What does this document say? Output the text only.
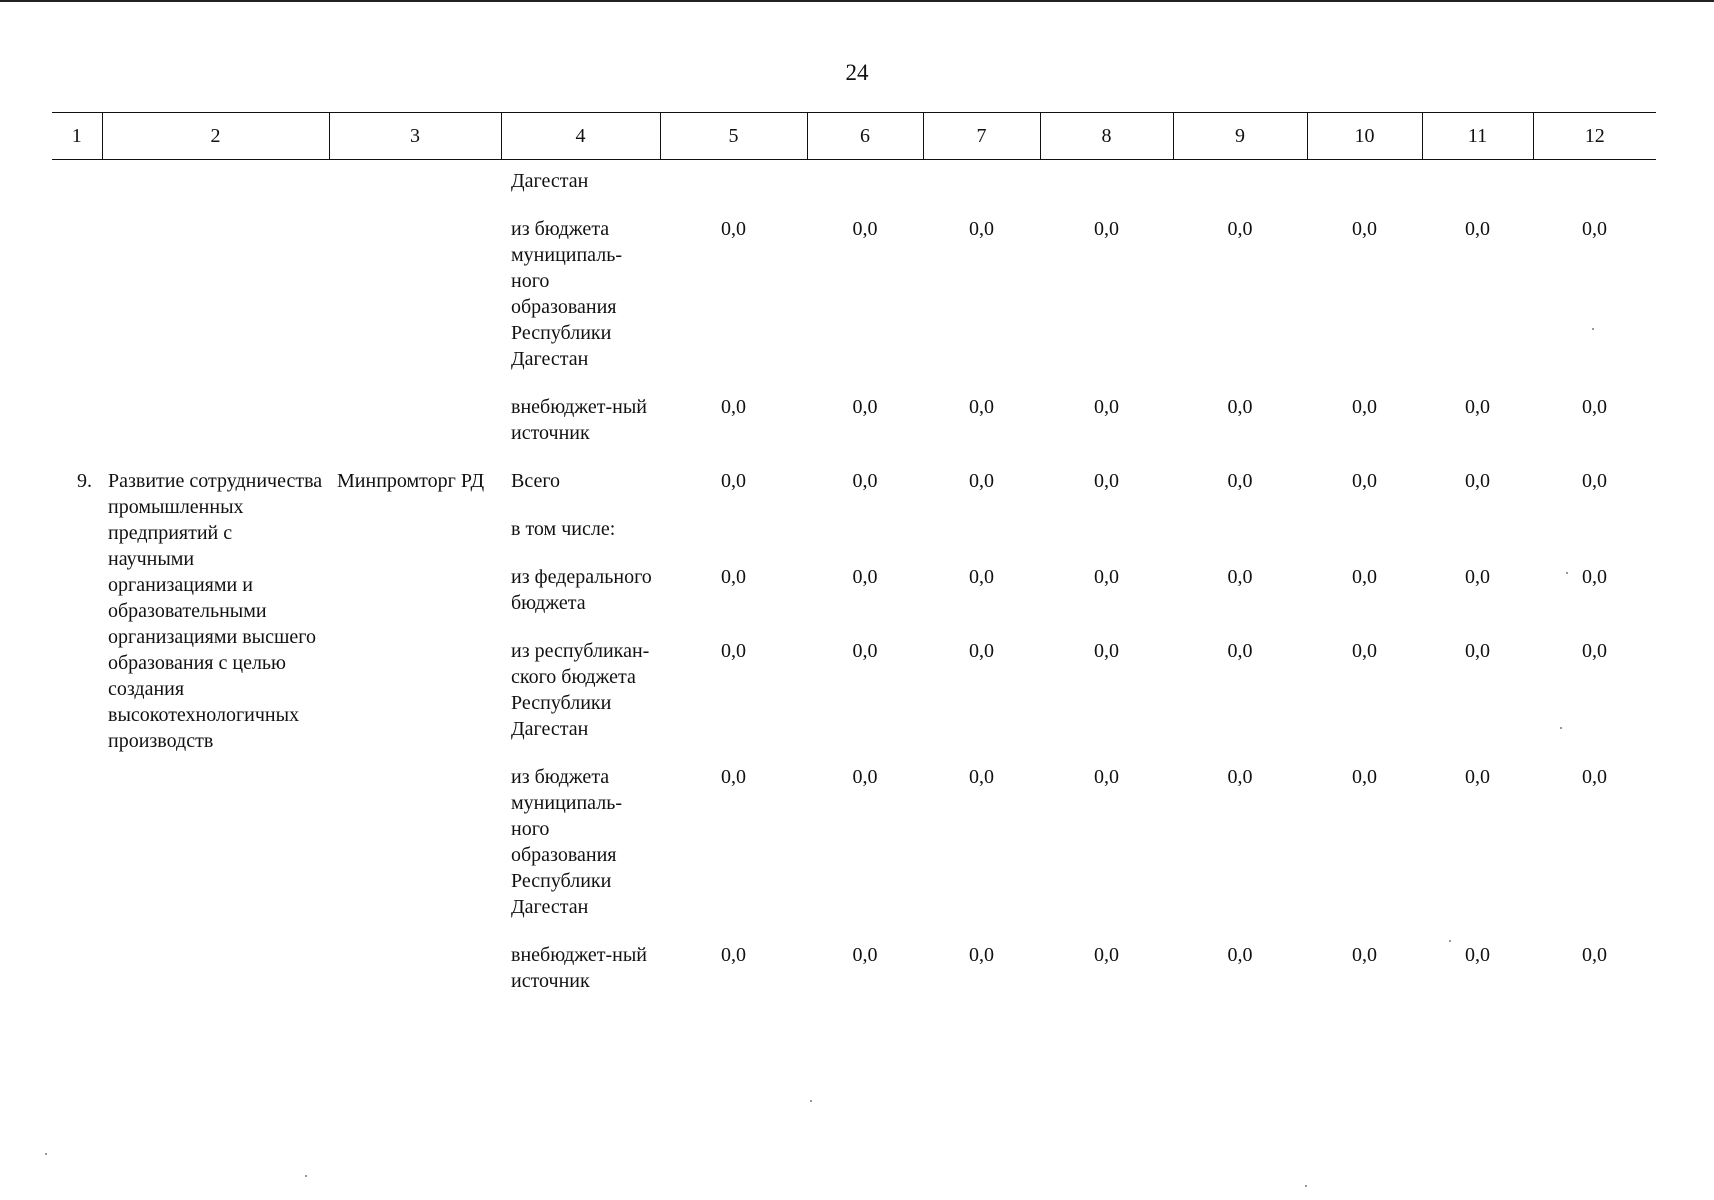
24
1	2	3	4	5	6	7	8	9	10	11	12
			Дагестан								
			из бюджета муниципаль-ного образования Республики Дагестан	0,0	0,0	0,0	0,0	0,0	0,0	0,0	0,0
			внебюджет-ный источник	0,0	0,0	0,0	0,0	0,0	0,0	0,0	0,0
9.	Развитие сотрудничества промышленных предприятий с научными организациями и образовательными организациями высшего образования с целью создания высокотехнологичных производств	Минпромторг РД	Всего	0,0	0,0	0,0	0,0	0,0	0,0	0,0	0,0
			в том числе:								
			из федерального бюджета	0,0	0,0	0,0	0,0	0,0	0,0	0,0	0,0
			из республикан-ского бюджета Республики Дагестан	0,0	0,0	0,0	0,0	0,0	0,0	0,0	0,0
			из бюджета муниципаль-ного образования Республики Дагестан	0,0	0,0	0,0	0,0	0,0	0,0	0,0	0,0
			внебюджет-ный источник	0,0	0,0	0,0	0,0	0,0	0,0	0,0	0,0
